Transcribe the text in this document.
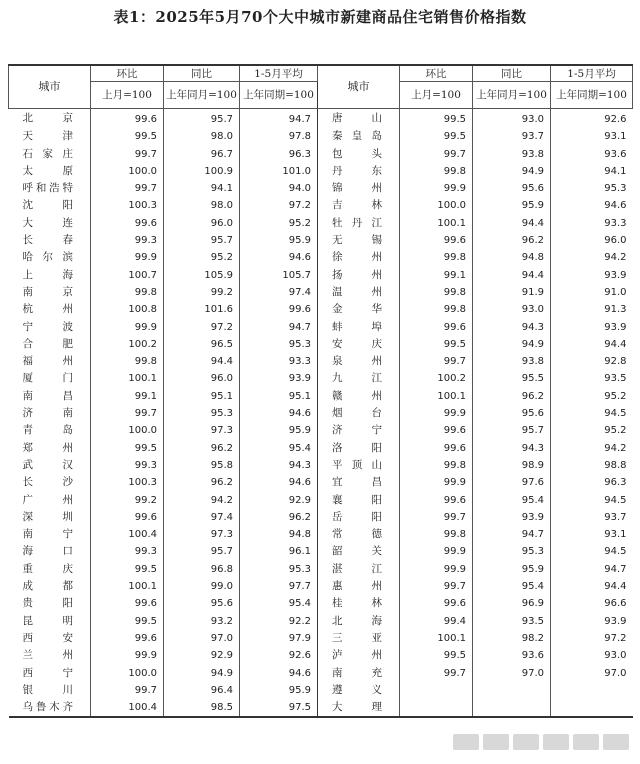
表1：2025年5月70个大中城市新建商品住宅销售价格指数
城市	环比	同比	1-5月平均	城市	环比	同比	1-5月平均
	上月=100	上年同月=100	上年同期=100		上月=100	上年同月=100	上年同期=100
北京	99.6	95.7	94.7	唐山	99.5	93.0	92.6
天津	99.5	98.0	97.8	秦皇岛	99.5	93.7	93.1
石家庄	99.7	96.7	96.3	包头	99.7	93.8	93.6
太原	100.0	100.9	101.0	丹东	99.8	94.9	94.1
呼和浩特	99.7	94.1	94.0	锦州	99.9	95.6	95.3
沈阳	100.3	98.0	97.2	吉林	100.0	95.9	94.6
大连	99.6	96.0	95.2	牡丹江	100.1	94.4	93.3
长春	99.3	95.7	95.9	无锡	99.6	96.2	96.0
哈尔滨	99.9	95.2	94.6	徐州	99.8	94.8	94.2
上海	100.7	105.9	105.7	扬州	99.1	94.4	93.9
南京	99.8	99.2	97.4	温州	99.8	91.9	91.0
杭州	100.8	101.6	99.6	金华	99.8	93.0	91.3
宁波	99.9	97.2	94.7	蚌埠	99.6	94.3	93.9
合肥	100.2	96.5	95.3	安庆	99.5	94.9	94.4
福州	99.8	94.4	93.3	泉州	99.7	93.8	92.8
厦门	100.1	96.0	93.9	九江	100.2	95.5	93.5
南昌	99.1	95.1	95.1	赣州	100.1	96.2	95.2
济南	99.7	95.3	94.6	烟台	99.9	95.6	94.5
青岛	100.0	97.3	95.9	济宁	99.6	95.7	95.2
郑州	99.5	96.2	95.4	洛阳	99.6	94.3	94.2
武汉	99.3	95.8	94.3	平顶山	99.8	98.9	98.8
长沙	100.3	96.2	94.6	宜昌	99.9	97.6	96.3
广州	99.2	94.2	92.9	襄阳	99.6	95.4	94.5
深圳	99.6	97.4	96.2	岳阳	99.7	93.9	93.7
南宁	100.4	97.3	94.8	常德	99.8	94.7	93.1
海口	99.3	95.7	96.1	韶关	99.9	95.3	94.5
重庆	99.5	96.8	95.3	湛江	99.9	95.9	94.7
成都	100.1	99.0	97.7	惠州	99.7	95.4	94.4
贵阳	99.6	95.6	95.4	桂林	99.6	96.9	96.6
昆明	99.5	93.2	92.2	北海	99.4	93.5	93.9
西安	99.6	97.0	97.9	三亚	100.1	98.2	97.2
兰州	99.9	92.9	92.6	泸州	99.5	93.6	93.0
西宁	100.0	94.9	94.6	南充	99.7	97.0	97.0
银川	99.7	96.4	95.9	遵义			
乌鲁木齐	100.4	98.5	97.5	大理			
